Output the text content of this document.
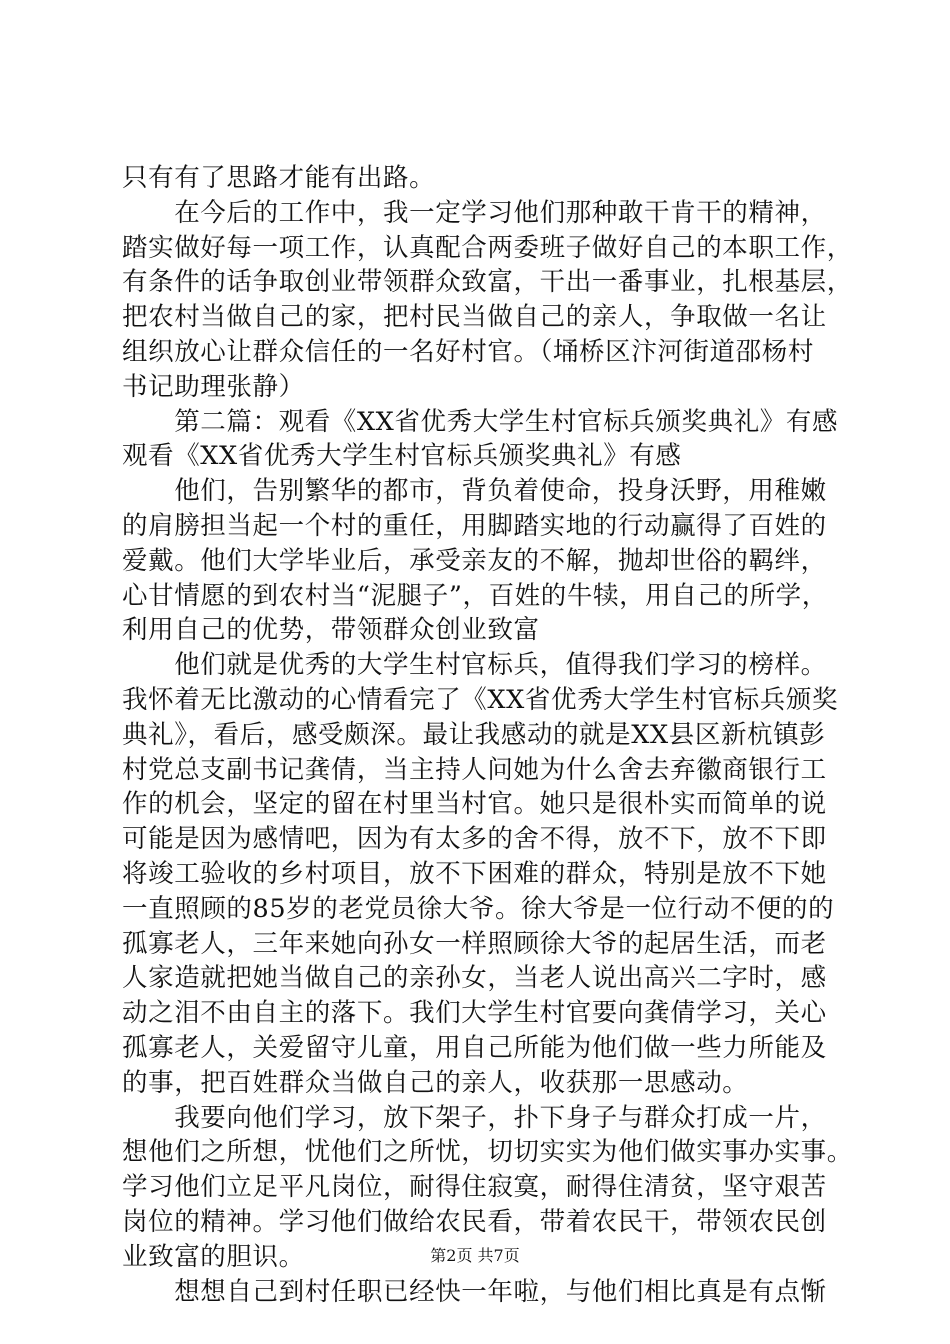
只有有了思路才能有出路。
　　在今后的工作中，我一定学习他们那种敢干肯干的精神，
踏实做好每一项工作，认真配合两委班子做好自己的本职工作，
有条件的话争取创业带领群众致富，干出一番事业，扎根基层，
把农村当做自己的家，把村民当做自己的亲人，争取做一名让
组织放心让群众信任的一名好村官。（埇桥区汴河街道邵杨村
书记助理张静）
　　第二篇：观看《XX省优秀大学生村官标兵颁奖典礼》有感
观看《XX省优秀大学生村官标兵颁奖典礼》有感
　　他们，告别繁华的都市，背负着使命，投身沃野，用稚嫩
的肩膀担当起一个村的重任，用脚踏实地的行动赢得了百姓的
爱戴。他们大学毕业后，承受亲友的不解，抛却世俗的羁绊，
心甘情愿的到农村当“泥腿子”，百姓的牛犊，用自己的所学，
利用自己的优势，带领群众创业致富
　　他们就是优秀的大学生村官标兵，值得我们学习的榜样。
我怀着无比激动的心情看完了《XX省优秀大学生村官标兵颁奖
典礼》，看后，感受颇深。最让我感动的就是XX县区新杭镇彭
村党总支副书记龚倩，当主持人问她为什么舍去弃徽商银行工
作的机会，坚定的留在村里当村官。她只是很朴实而简单的说
可能是因为感情吧，因为有太多的舍不得，放不下，放不下即
将竣工验收的乡村项目，放不下困难的群众，特别是放不下她
一直照顾的85岁的老党员徐大爷。徐大爷是一位行动不便的的
孤寡老人，三年来她向孙女一样照顾徐大爷的起居生活，而老
人家造就把她当做自己的亲孙女，当老人说出高兴二字时，感
动之泪不由自主的落下。我们大学生村官要向龚倩学习，关心
孤寡老人，关爱留守儿童，用自己所能为他们做一些力所能及
的事，把百姓群众当做自己的亲人，收获那一思感动。
　　我要向他们学习，放下架子，扑下身子与群众打成一片，
想他们之所想，忧他们之所忧，切切实实为他们做实事办实事。
学习他们立足平凡岗位，耐得住寂寞，耐得住清贫，坚守艰苦
岗位的精神。学习他们做给农民看，带着农民干，带领农民创
业致富的胆识。
　　想想自己到村任职已经快一年啦，与他们相比真是有点惭
第2页 共7页
